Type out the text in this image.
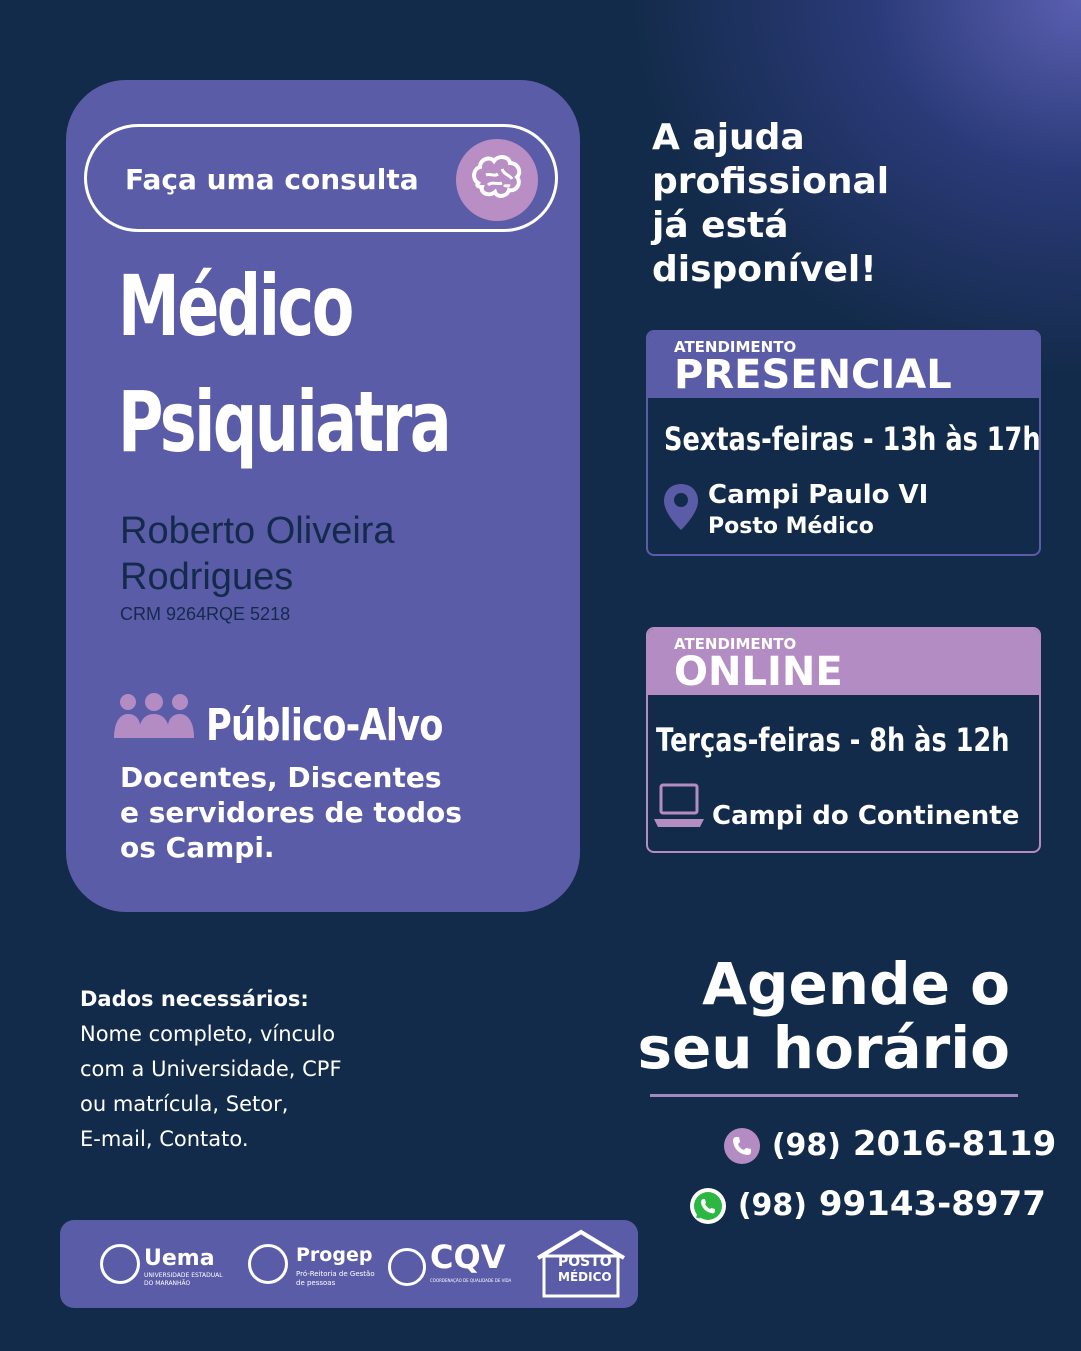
Faça uma consulta
Médico
Psiquiatra
Roberto Oliveira
Rodrigues
CRM 9264RQE 5218
Público-Alvo
Docentes, Discentes
e servidores de todos
os Campi.
A ajuda
profissional
já está
disponível!
ATENDIMENTO
PRESENCIAL
Sextas-feiras - 13h às 17h
Campi Paulo VI
Posto Médico
ATENDIMENTO
ONLINE
Terças-feiras - 8h às 12h
Campi do Continente
Dados necessários:
Nome completo, vínculo
com a Universidade, CPF
ou matrícula, Setor,
E-mail, Contato.
Agende o
seu horário
(98) 2016-8119
(98) 99143-8977
Uema
UNIVERSIDADE ESTADUAL
DO MARANHÃO
Progep
Pró-Reitoria de Gestão
de pessoas
CQV
COORDENAÇÃO DE QUALIDADE DE VIDA
POSTO
MÉDICO
